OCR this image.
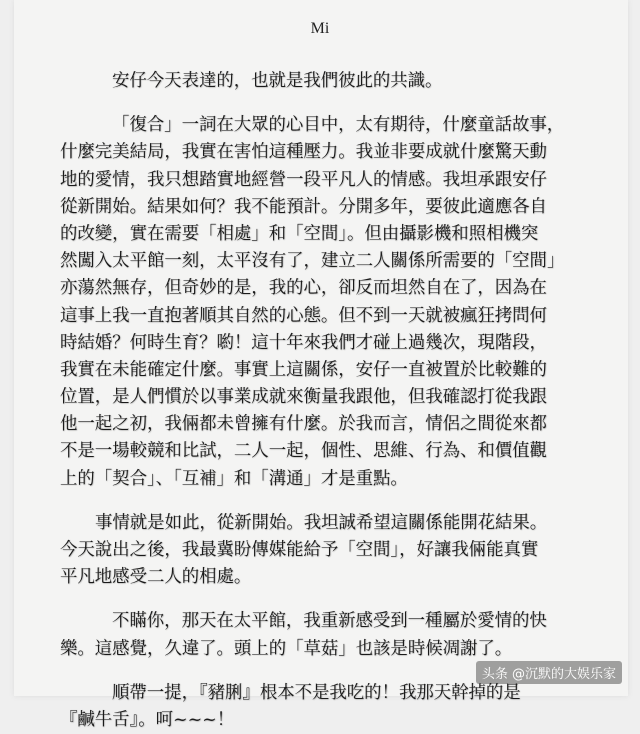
Mi
安仔今天表達的，也就是我們彼此的共識。
「復合」一詞在大眾的心目中，太有期待，什麼童話故事，
什麼完美結局，我實在害怕這種壓力。我並非要成就什麼驚天動
地的愛情，我只想踏實地經營一段平凡人的情感。我坦承跟安仔
從新開始。結果如何？我不能預計。分開多年，要彼此適應各自
的改變，實在需要「相處」和「空間」。但由攝影機和照相機突
然闖入太平館一刻，太平沒有了，建立二人關係所需要的「空間」
亦蕩然無存，但奇妙的是，我的心，卻反而坦然自在了，因為在
這事上我一直抱著順其自然的心態。但不到一天就被瘋狂拷問何
時結婚？何時生育？喲！這十年來我們才碰上過幾次，現階段，
我實在未能確定什麼。事實上這關係，安仔一直被置於比較難的
位置，是人們慣於以事業成就來衡量我跟他，但我確認打從我跟
他一起之初，我倆都未曾擁有什麼。於我而言，情侶之間從來都
不是一場較競和比試，二人一起，個性、思維、行為、和價值觀
上的「契合」、「互補」和「溝通」才是重點。
事情就是如此，從新開始。我坦誠希望這關係能開花結果。
今天說出之後，我最冀盼傳媒能給予「空間」，好讓我倆能真實
平凡地感受二人的相處。
不瞞你，那天在太平館，我重新感受到一種屬於愛情的快
樂。這感覺，久違了。頭上的「草菇」也該是時候凋謝了。
順帶一提，『豬脷』根本不是我吃的！我那天幹掉的是
『鹹牛舌』。呵~~~！
头条 @沉默的大娱乐家
